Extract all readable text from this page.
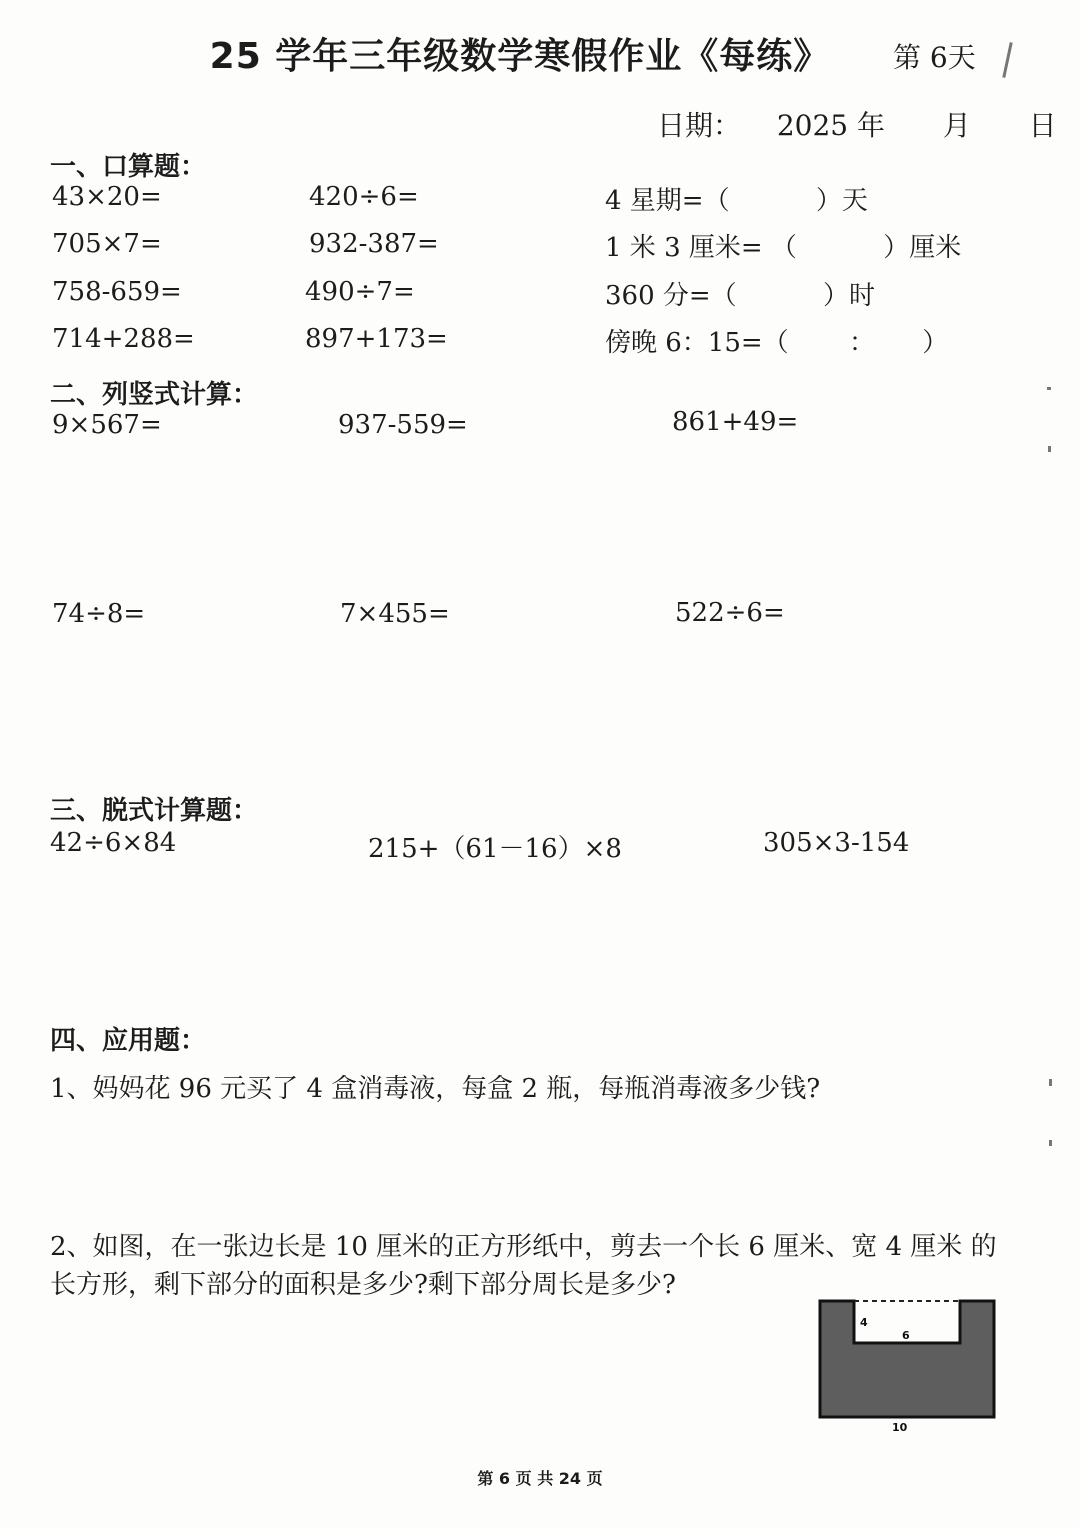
25 学年三年级数学寒假作业《每练》	第 6天
日期： 2025 年 月 日
一、口算题：
43×20=	420÷6=	4 星期=（　　　 ）天
705×7=	932-387=	1 米 3 厘米= （　　　 ）厘米
758-659=	490÷7=	360 分=（　　　 ）时
714+288=	897+173=	傍晚 6：15=（　　 ：　　 ）
二、列竖式计算：
9×567=	937-559=	861+49=
74÷8=	7×455=	522÷6=
三、脱式计算题：
42÷6×84	215+（61－16）×8	305×3-154
四、应用题：
1、妈妈花 96 元买了 4 盒消毒液，每盒 2 瓶，每瓶消毒液多少钱?
2、如图，在一张边长是 10 厘米的正方形纸中，剪去一个长 6 厘米、宽 4 厘米 的长方形，剩下部分的面积是多少?剩下部分周长是多少?
4
6
10
第 6 页 共 24 页
